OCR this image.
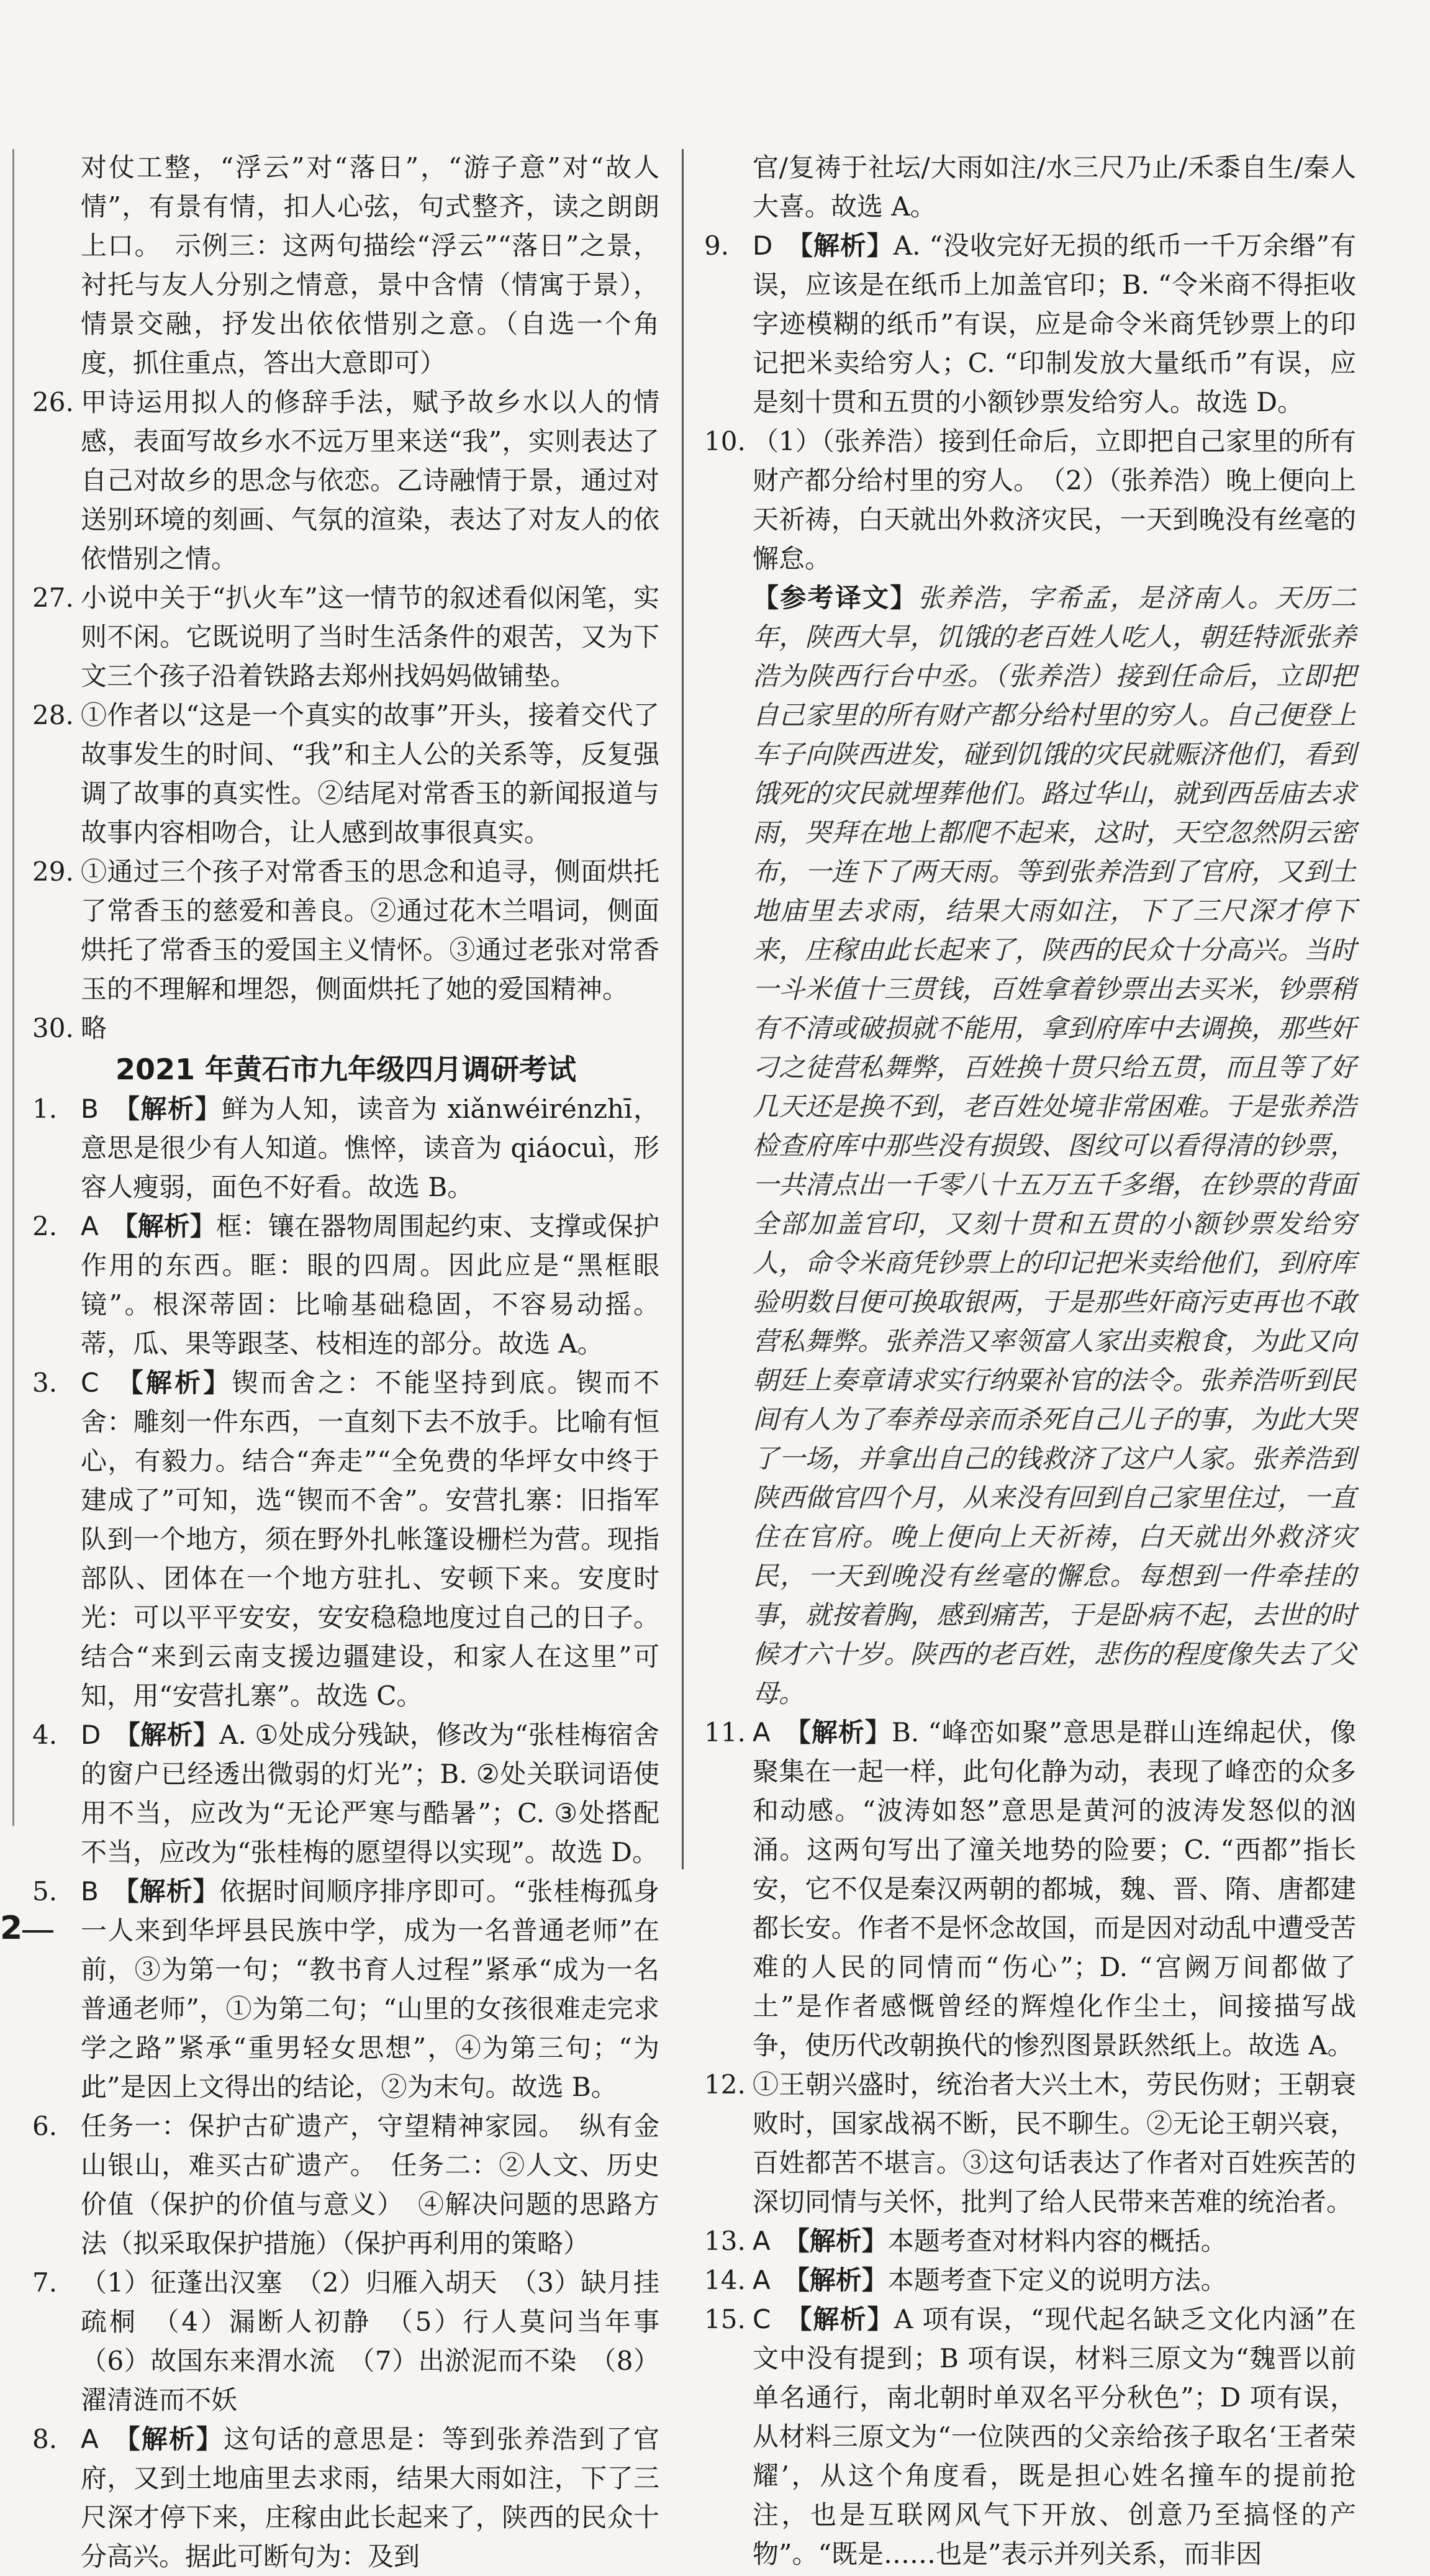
对仗工整，“浮云”对“落日”，“游子意”对“故人情”，有景有情，扣人心弦，句式整齐，读之朗朗上口。　示例三：这两句描绘“浮云”“落日”之景，衬托与友人分别之情意，景中含情（情寓于景），情景交融，抒发出依依惜别之意。（自选一个角度，抓住重点，答出大意即可）

26. 甲诗运用拟人的修辞手法，赋予故乡水以人的情感，表面写故乡水不远万里来送“我”，实则表达了自己对故乡的思念与依恋。乙诗融情于景，通过对送别环境的刻画、气氛的渲染，表达了对友人的依依惜别之情。
27. 小说中关于“扒火车”这一情节的叙述看似闲笔，实则不闲。它既说明了当时生活条件的艰苦，又为下文三个孩子沿着铁路去郑州找妈妈做铺垫。
28. ①作者以“这是一个真实的故事”开头，接着交代了故事发生的时间、“我”和主人公的关系等，反复强调了故事的真实性。②结尾对常香玉的新闻报道与故事内容相吻合，让人感到故事很真实。
29. ①通过三个孩子对常香玉的思念和追寻，侧面烘托了常香玉的慈爱和善良。②通过花木兰唱词，侧面烘托了常香玉的爱国主义情怀。③通过老张对常香玉的不理解和埋怨，侧面烘托了她的爱国精神。
30. 略
2021 年黄石市九年级四月调研考试
1. B　 【解析】鲜为人知，读音为 xiǎnwéirénzhī，意思是很少有人知道。憔悴，读音为 qiáocuì，形容人瘦弱，面色不好看。故选 B。
2. A　 【解析】框：镶在器物周围起约束、支撑或保护作用的东西。眶：眼的四周。因此应是“黑框眼镜”。根深蒂固：比喻基础稳固，不容易动摇。蒂，瓜、果等跟茎、枝相连的部分。故选 A。
3. C　 【解析】锲而舍之：不能坚持到底。锲而不舍：雕刻一件东西，一直刻下去不放手。比喻有恒心，有毅力。结合“奔走”“全免费的华坪女中终于建成了”可知，选“锲而不舍”。安营扎寨：旧指军队到一个地方，须在野外扎帐篷设栅栏为营。现指部队、团体在一个地方驻扎、安顿下来。安度时光：可以平平安安，安安稳稳地度过自己的日子。结合“来到云南支援边疆建设，和家人在这里”可知，用“安营扎寨”。故选 C。
4. D　 【解析】A. ①处成分残缺，修改为“张桂梅宿舍的窗户已经透出微弱的灯光”；B. ②处关联词语使用不当，应改为“无论严寒与酷暑”；C. ③处搭配不当，应改为“张桂梅的愿望得以实现”。故选 D。
5. B　 【解析】依据时间顺序排序即可。“张桂梅孤身一人来到华坪县民族中学，成为一名普通老师”在前，③为第一句；“教书育人过程”紧承“成为一名普通老师”，①为第二句；“山里的女孩很难走完求学之路”紧承“重男轻女思想”，④为第三句；“为此”是因上文得出的结论，②为末句。故选 B。
6. 任务一：保护古矿遗产，守望精神家园。　纵有金山银山，难买古矿遗产。　任务二：②人文、历史价值（保护的价值与意义）　④解决问题的思路方法（拟采取保护措施）（保护再利用的策略）
7. （1）征蓬出汉塞　（2）归雁入胡天　（3）缺月挂疏桐　（4）漏断人初静　（5）行人莫问当年事　（6）故国东来渭水流　（7）出淤泥而不染　（8）濯清涟而不妖
8. A　 【解析】这句话的意思是：等到张养浩到了官府，又到土地庙里去求雨，结果大雨如注，下了三尺深才停下来，庄稼由此长起来了，陕西的民众十分高兴。据此可断句为：及到

官/复祷于社坛/大雨如注/水三尺乃止/禾黍自生/秦人大喜。故选 A。

9. D　 【解析】A. “没收完好无损的纸币一千万余缗”有误，应该是在纸币上加盖官印；B. “令米商不得拒收字迹模糊的纸币”有误，应是命令米商凭钞票上的印记把米卖给穷人；C. “印制发放大量纸币”有误，应是刻十贯和五贯的小额钞票发给穷人。故选 D。
10. （1）（张养浩）接到任命后，立即把自己家里的所有财产都分给村里的穷人。　（2）（张养浩）晚上便向上天祈祷，白天就出外救济灾民，一天到晚没有丝毫的懈怠。

【参考译文】张养浩，字希孟，是济南人。天历二年，陕西大旱，饥饿的老百姓人吃人，朝廷特派张养浩为陕西行台中丞。（张养浩）接到任命后，立即把自己家里的所有财产都分给村里的穷人。自己便登上车子向陕西进发，碰到饥饿的灾民就赈济他们，看到饿死的灾民就埋葬他们。路过华山，就到西岳庙去求雨，哭拜在地上都爬不起来，这时，天空忽然阴云密布，一连下了两天雨。等到张养浩到了官府，又到土地庙里去求雨，结果大雨如注，下了三尺深才停下来，庄稼由此长起来了，陕西的民众十分高兴。当时一斗米值十三贯钱，百姓拿着钞票出去买米，钞票稍有不清或破损就不能用，拿到府库中去调换，那些奸刁之徒营私舞弊，百姓换十贯只给五贯，而且等了好几天还是换不到，老百姓处境非常困难。于是张养浩检查府库中那些没有损毁、图纹可以看得清的钞票，一共清点出一千零八十五万五千多缗，在钞票的背面全部加盖官印，又刻十贯和五贯的小额钞票发给穷人，命令米商凭钞票上的印记把米卖给他们，到府库验明数目便可换取银两，于是那些奸商污吏再也不敢营私舞弊。张养浩又率领富人家出卖粮食，为此又向朝廷上奏章请求实行纳粟补官的法令。张养浩听到民间有人为了奉养母亲而杀死自己儿子的事，为此大哭了一场，并拿出自己的钱救济了这户人家。张养浩到陕西做官四个月，从来没有回到自己家里住过，一直住在官府。晚上便向上天祈祷，白天就出外救济灾民，一天到晚没有丝毫的懈怠。每想到一件牵挂的事，就按着胸，感到痛苦，于是卧病不起，去世的时候才六十岁。陕西的老百姓，悲伤的程度像失去了父母。

11. A　 【解析】B. “峰峦如聚”意思是群山连绵起伏，像聚集在一起一样，此句化静为动，表现了峰峦的众多和动感。“波涛如怒”意思是黄河的波涛发怒似的汹涌。这两句写出了潼关地势的险要；C. “西都”指长安，它不仅是秦汉两朝的都城，魏、晋、隋、唐都建都长安。作者不是怀念故国，而是因对动乱中遭受苦难的人民的同情而“伤心”；D. “宫阙万间都做了土”是作者感慨曾经的辉煌化作尘土，间接描写战争，使历代改朝换代的惨烈图景跃然纸上。故选 A。
12. ①王朝兴盛时，统治者大兴土木，劳民伤财；王朝衰败时，国家战祸不断，民不聊生。②无论王朝兴衰，百姓都苦不堪言。③这句话表达了作者对百姓疾苦的深切同情与关怀，批判了给人民带来苦难的统治者。
13. A　 【解析】本题考查对材料内容的概括。
14. A　 【解析】本题考查下定义的说明方法。
15. C　 【解析】A 项有误，“现代起名缺乏文化内涵”在文中没有提到；B 项有误，材料三原文为“魏晋以前单名通行，南北朝时单双名平分秋色”；D 项有误，从材料三原文为“一位陕西的父亲给孩子取名‘王者荣耀’，从这个角度看，既是担心姓名撞车的提前抢注，也是互联网风气下开放、创意乃至搞怪的产物”。“既是……也是”表示并列关系，而非因
2
